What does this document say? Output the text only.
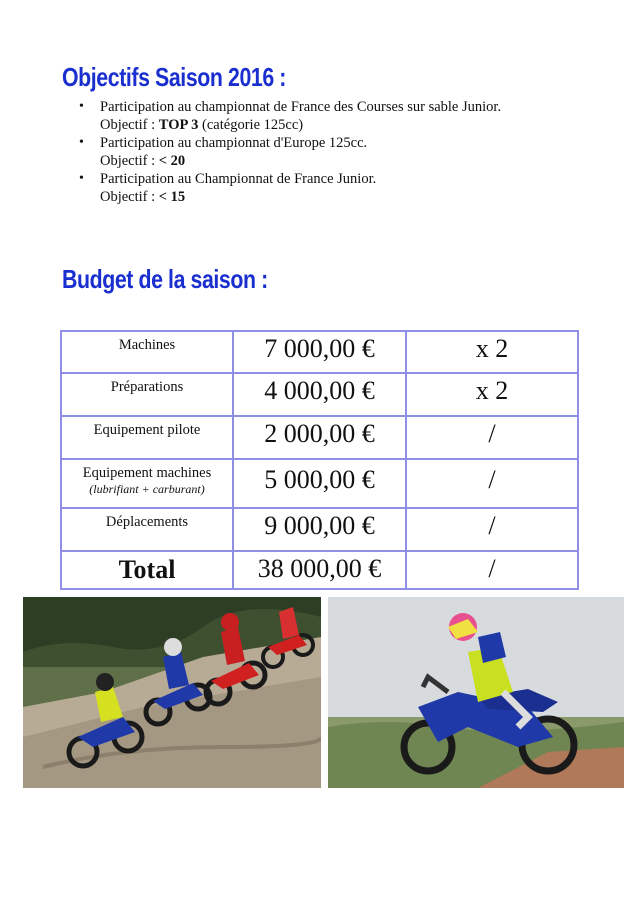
Objectifs Saison 2016 :
• Participation au championnat de France des Courses sur sable Junior.
Objectif : TOP 3 (catégorie 125cc)
• Participation au championnat d'Europe 125cc.
Objectif : < 20
• Participation au Championnat de France Junior.
Objectif : < 15
Budget de la saison :
Machines	7 000,00 €	x 2
Préparations	4 000,00 €	x 2
Equipement pilote	2 000,00 €	/
Equipement machines
(lubrifiant + carburant)	5 000,00 €	/
Déplacements	9 000,00 €	/
Total	38 000,00 €	/
